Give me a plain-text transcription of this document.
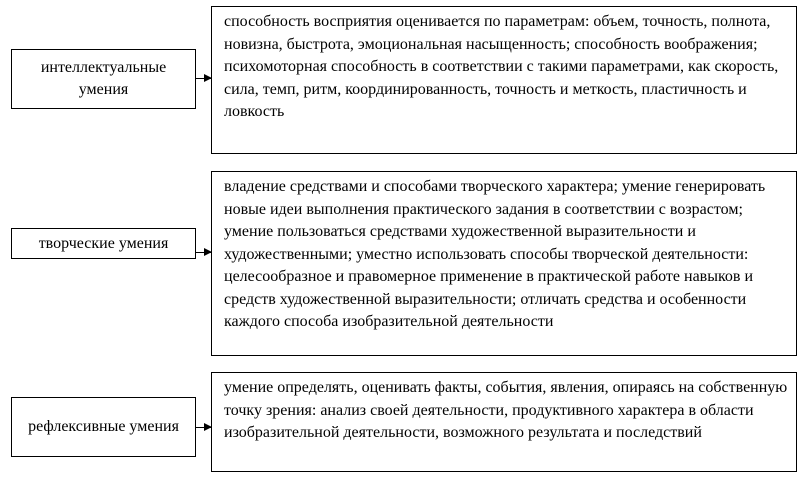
интеллектуальные умения
способность восприятия оценивается по параметрам: объем, точность, полнота, новизна, быстрота, эмоциональная насыщенность; способность воображения; психомоторная способность в соответствии с такими параметрами, как скорость, сила, темп, ритм, координированность, точность и меткость, пластичность и ловкость
творческие умения
владение средствами и способами творческого характера; умение генерировать новые идеи выполнения практического задания в соответствии с возрастом; умение пользоваться средствами художественной выразительности и художественными; уместно использовать способы творческой деятельности: целесообразное и правомерное применение в практической работе навыков и средств художественной выразительности; отличать средства и особенности каждого способа изобразительной деятельности
рефлексивные умения
умение определять, оценивать факты, события, явления, опираясь на собственную точку зрения: анализ своей деятельности, продуктивного характера в области изобразительной деятельности, возможного результата и последствий
